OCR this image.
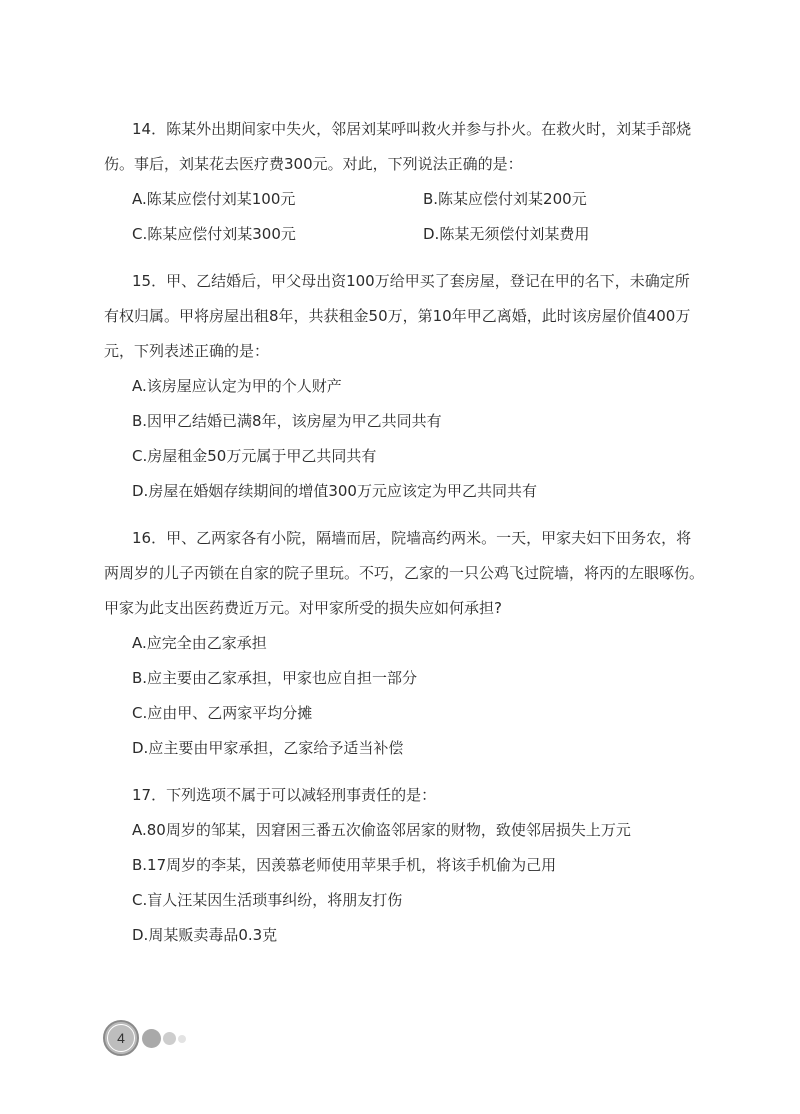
14．陈某外出期间家中失火，邻居刘某呼叫救火并参与扑火。在救火时，刘某手部烧伤。事后，刘某花去医疗费300元。对此，下列说法正确的是：

A.陈某应偿付刘某100元	B.陈某应偿付刘某200元

C.陈某应偿付刘某300元	D.陈某无须偿付刘某费用

15．甲、乙结婚后，甲父母出资100万给甲买了套房屋，登记在甲的名下，未确定所有权归属。甲将房屋出租8年，共获租金50万，第10年甲乙离婚，此时该房屋价值400万元，下列表述正确的是：

A.该房屋应认定为甲的个人财产

B.因甲乙结婚已满8年，该房屋为甲乙共同共有

C.房屋租金50万元属于甲乙共同共有

D.房屋在婚姻存续期间的增值300万元应该定为甲乙共同共有

16．甲、乙两家各有小院，隔墙而居，院墙高约两米。一天，甲家夫妇下田务农，将两周岁的儿子丙锁在自家的院子里玩。不巧，乙家的一只公鸡飞过院墙，将丙的左眼啄伤。甲家为此支出医药费近万元。对甲家所受的损失应如何承担?

A.应完全由乙家承担

B.应主要由乙家承担，甲家也应自担一部分

C.应由甲、乙两家平均分摊

D.应主要由甲家承担，乙家给予适当补偿

17．下列选项不属于可以减轻刑事责任的是：

A.80周岁的邹某，因窘困三番五次偷盗邻居家的财物，致使邻居损失上万元

B.17周岁的李某，因羡慕老师使用苹果手机，将该手机偷为己用

C.盲人汪某因生活琐事纠纷，将朋友打伤

D.周某贩卖毒品0.3克

4
